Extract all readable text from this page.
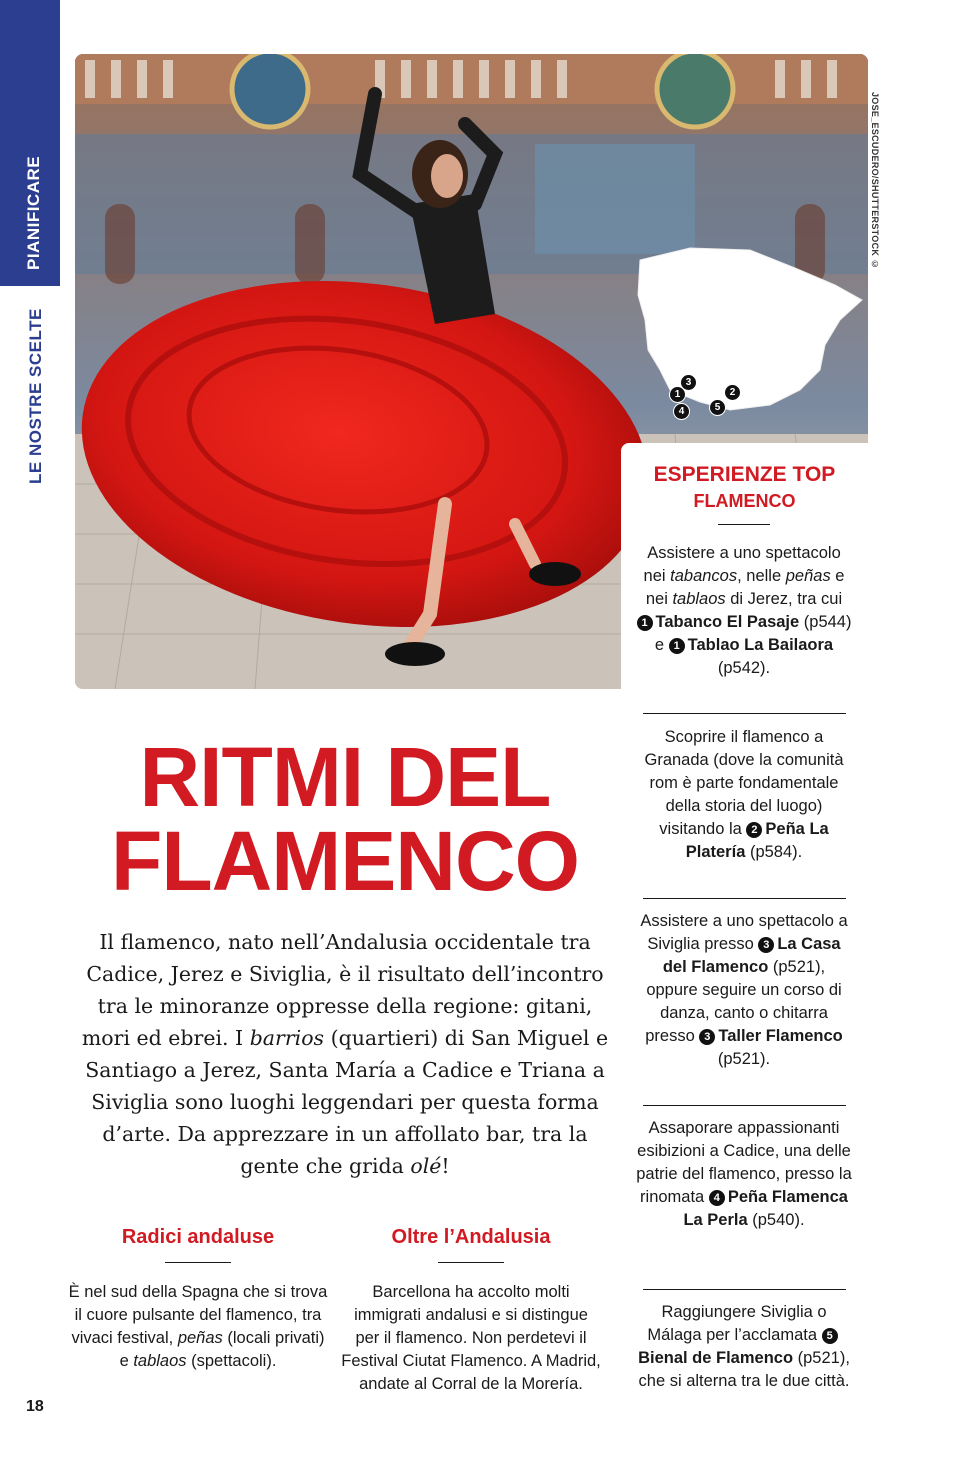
PIANIFICARE
LE NOSTRE SCELTE
18
JOSE_ESCUDERO/SHUTTERSTOCK ©
1
3
2
4	5
ESPERIENZE TOP
FLAMENCO
Assistere a uno spettacolo nei tabancos, nelle peñas e nei tablaos di Jerez, tra cui 1 Tabanco El Pasaje (p544) e 1 Tablao La Bailaora (p542).
Scoprire il flamenco a Granada (dove la comunità rom è parte fondamentale della storia del luogo) visitando la 2 Peña La Platería (p584).
Assistere a uno spettacolo a Siviglia presso 3 La Casa del Flamenco (p521), oppure seguire un corso di danza, canto o chitarra presso 3 Taller Flamenco (p521).
Assaporare appassionanti esibizioni a Cadice, una delle patrie del flamenco, presso la rinomata 4 Peña Flamenca La Perla (p540).
Raggiungere Siviglia o Málaga per l’acclamata 5Bienal de Flamenco (p521), che si alterna tra le due città.
RITMI DEL
FLAMENCO
Il flamenco, nato nell’Andalusia occidentale tra Cadice, Jerez e Siviglia, è il risultato dell’incontro tra le minoranze oppresse della regione: gitani, mori ed ebrei. I barrios (quartieri) di San Miguel e Santiago a Jerez, Santa María a Cadice e Triana a Siviglia sono luoghi leggendari per questa forma d’arte. Da apprezzare in un affollato bar, tra la gente che grida olé!
Radici andaluse
È nel sud della Spagna che si trova il cuore pulsante del flamenco, tra vivaci festival, peñas (locali privati) e tablaos (spettacoli).
Oltre l’Andalusia
Barcellona ha accolto molti immigrati andalusi e si distingue per il flamenco. Non perdetevi il Festival Ciutat Flamenco. A Madrid, andate al Corral de la Morería.
